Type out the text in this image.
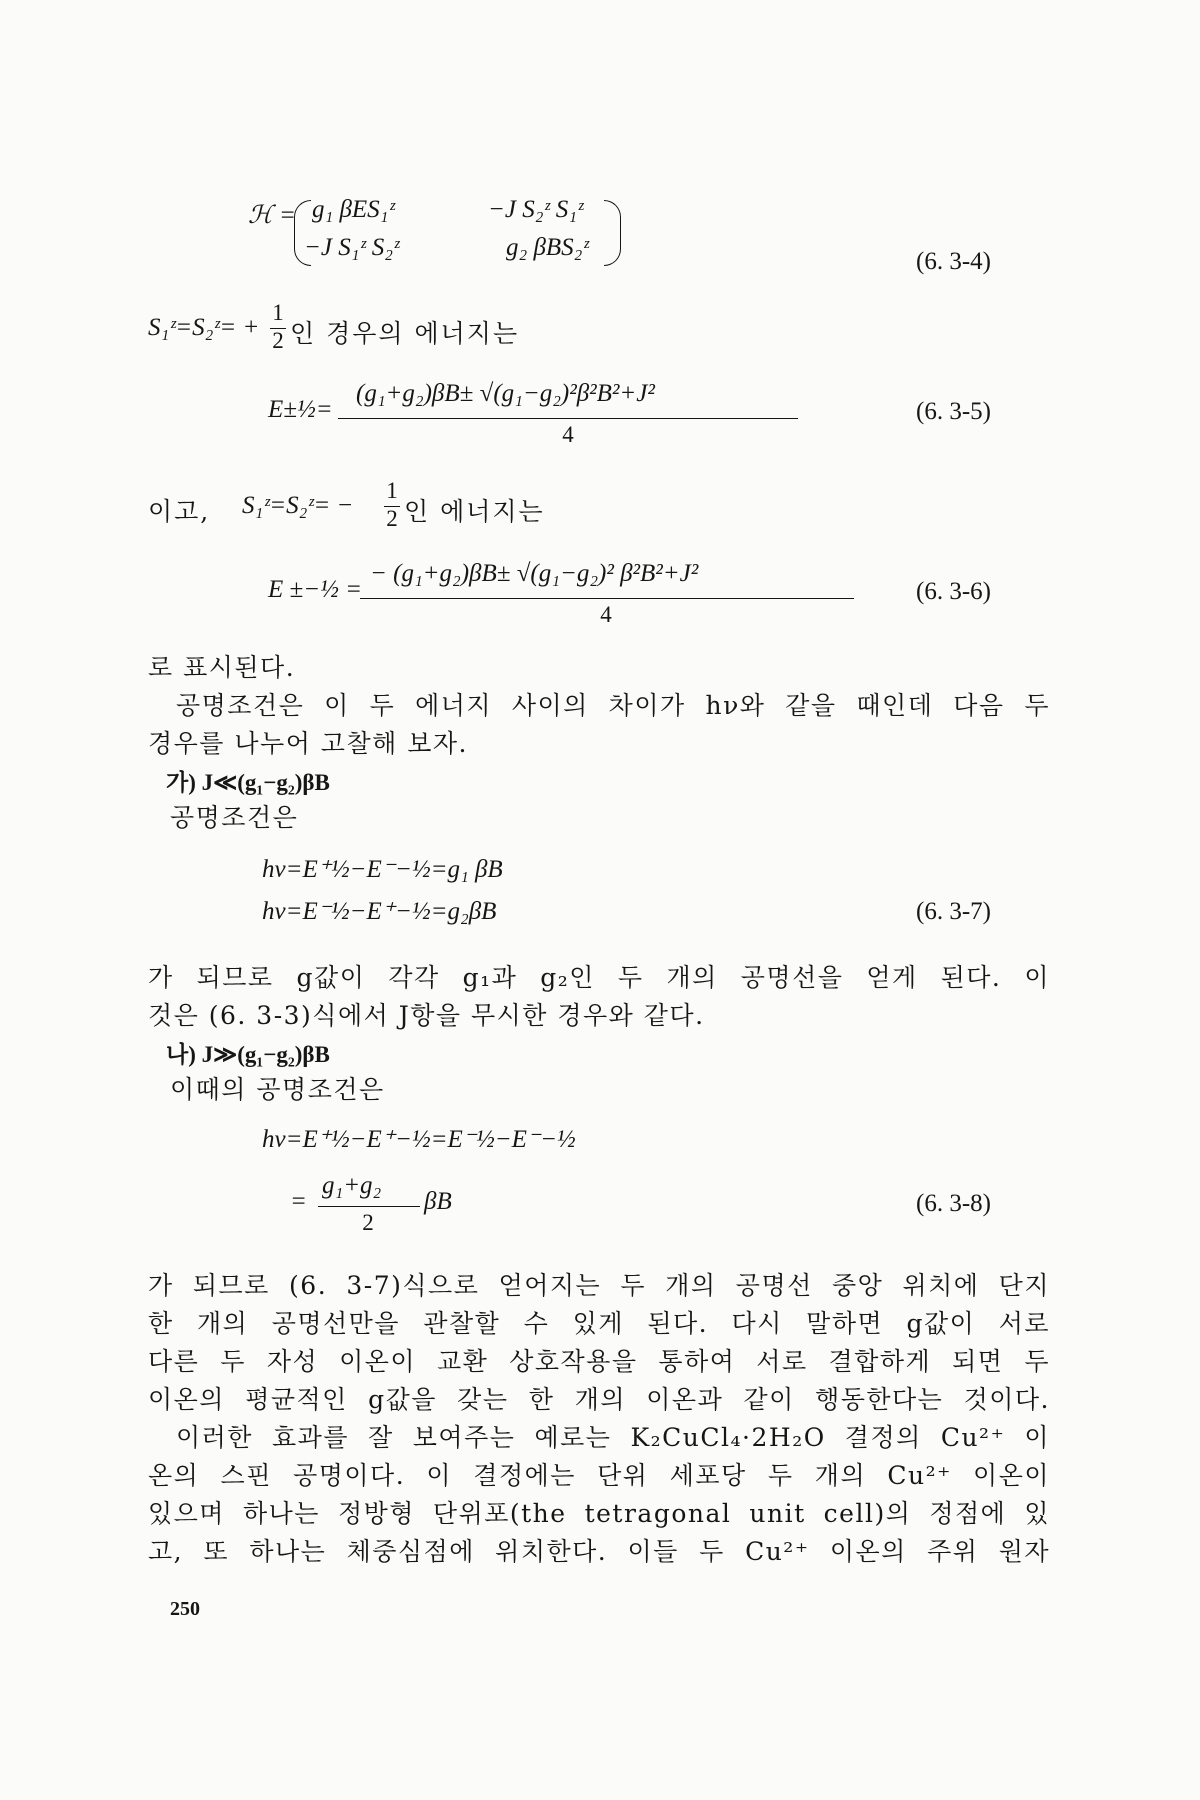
ℋ = g₁ βES₁ᶻ	−J S₂ᶻ S₁ᶻ
−J S₁ᶻ S₂ᶻ	g₂ βBS₂ᶻ
(6. 3-4)
S₁ᶻ=S₂ᶻ= +
1
2 인 경우의 에너지는
E±½=
(g₁+g₂)βB± √(g₁−g₂)²β²B²+J²
4
(6. 3-5)
이고, S₁ᶻ=S₂ᶻ= −
1
2 인 에너지는
E ±−½ =
− (g₁+g₂)βB± √(g₁−g₂)² β²B²+J²
4
(6. 3-6)
로 표시된다.
공명조건은 이 두 에너지 사이의 차이가 hν와 같을 때인데 다음 두
경우를 나누어 고찰해 보자.
가) J≪(g₁−g₂)βB
공명조건은
hν=E⁺½−E⁻−½=g₁ βB
hν=E⁻½−E⁺−½=g₂βB	(6. 3-7)
가 되므로 g값이 각각 g₁과 g₂인 두 개의 공명선을 얻게 된다. 이
것은 (6. 3-3)식에서 J항을 무시한 경우와 같다.
나) J≫(g₁−g₂)βB
이때의 공명조건은
hν=E⁺½−E⁺−½=E⁻½−E⁻−½
=
g₁+g₂
2
βB	(6. 3-8)
가 되므로 (6. 3-7)식으로 얻어지는 두 개의 공명선 중앙 위치에 단지
한 개의 공명선만을 관찰할 수 있게 된다. 다시 말하면 g값이 서로
다른 두 자성 이온이 교환 상호작용을 통하여 서로 결합하게 되면 두
이온의 평균적인 g값을 갖는 한 개의 이온과 같이 행동한다는 것이다.
이러한 효과를 잘 보여주는 예로는 K₂CuCl₄·2H₂O 결정의 Cu²⁺ 이
온의 스핀 공명이다. 이 결정에는 단위 세포당 두 개의 Cu²⁺ 이온이
있으며 하나는 정방형 단위포(the tetragonal unit cell)의 정점에 있
고, 또 하나는 체중심점에 위치한다. 이들 두 Cu²⁺ 이온의 주위 원자
250
